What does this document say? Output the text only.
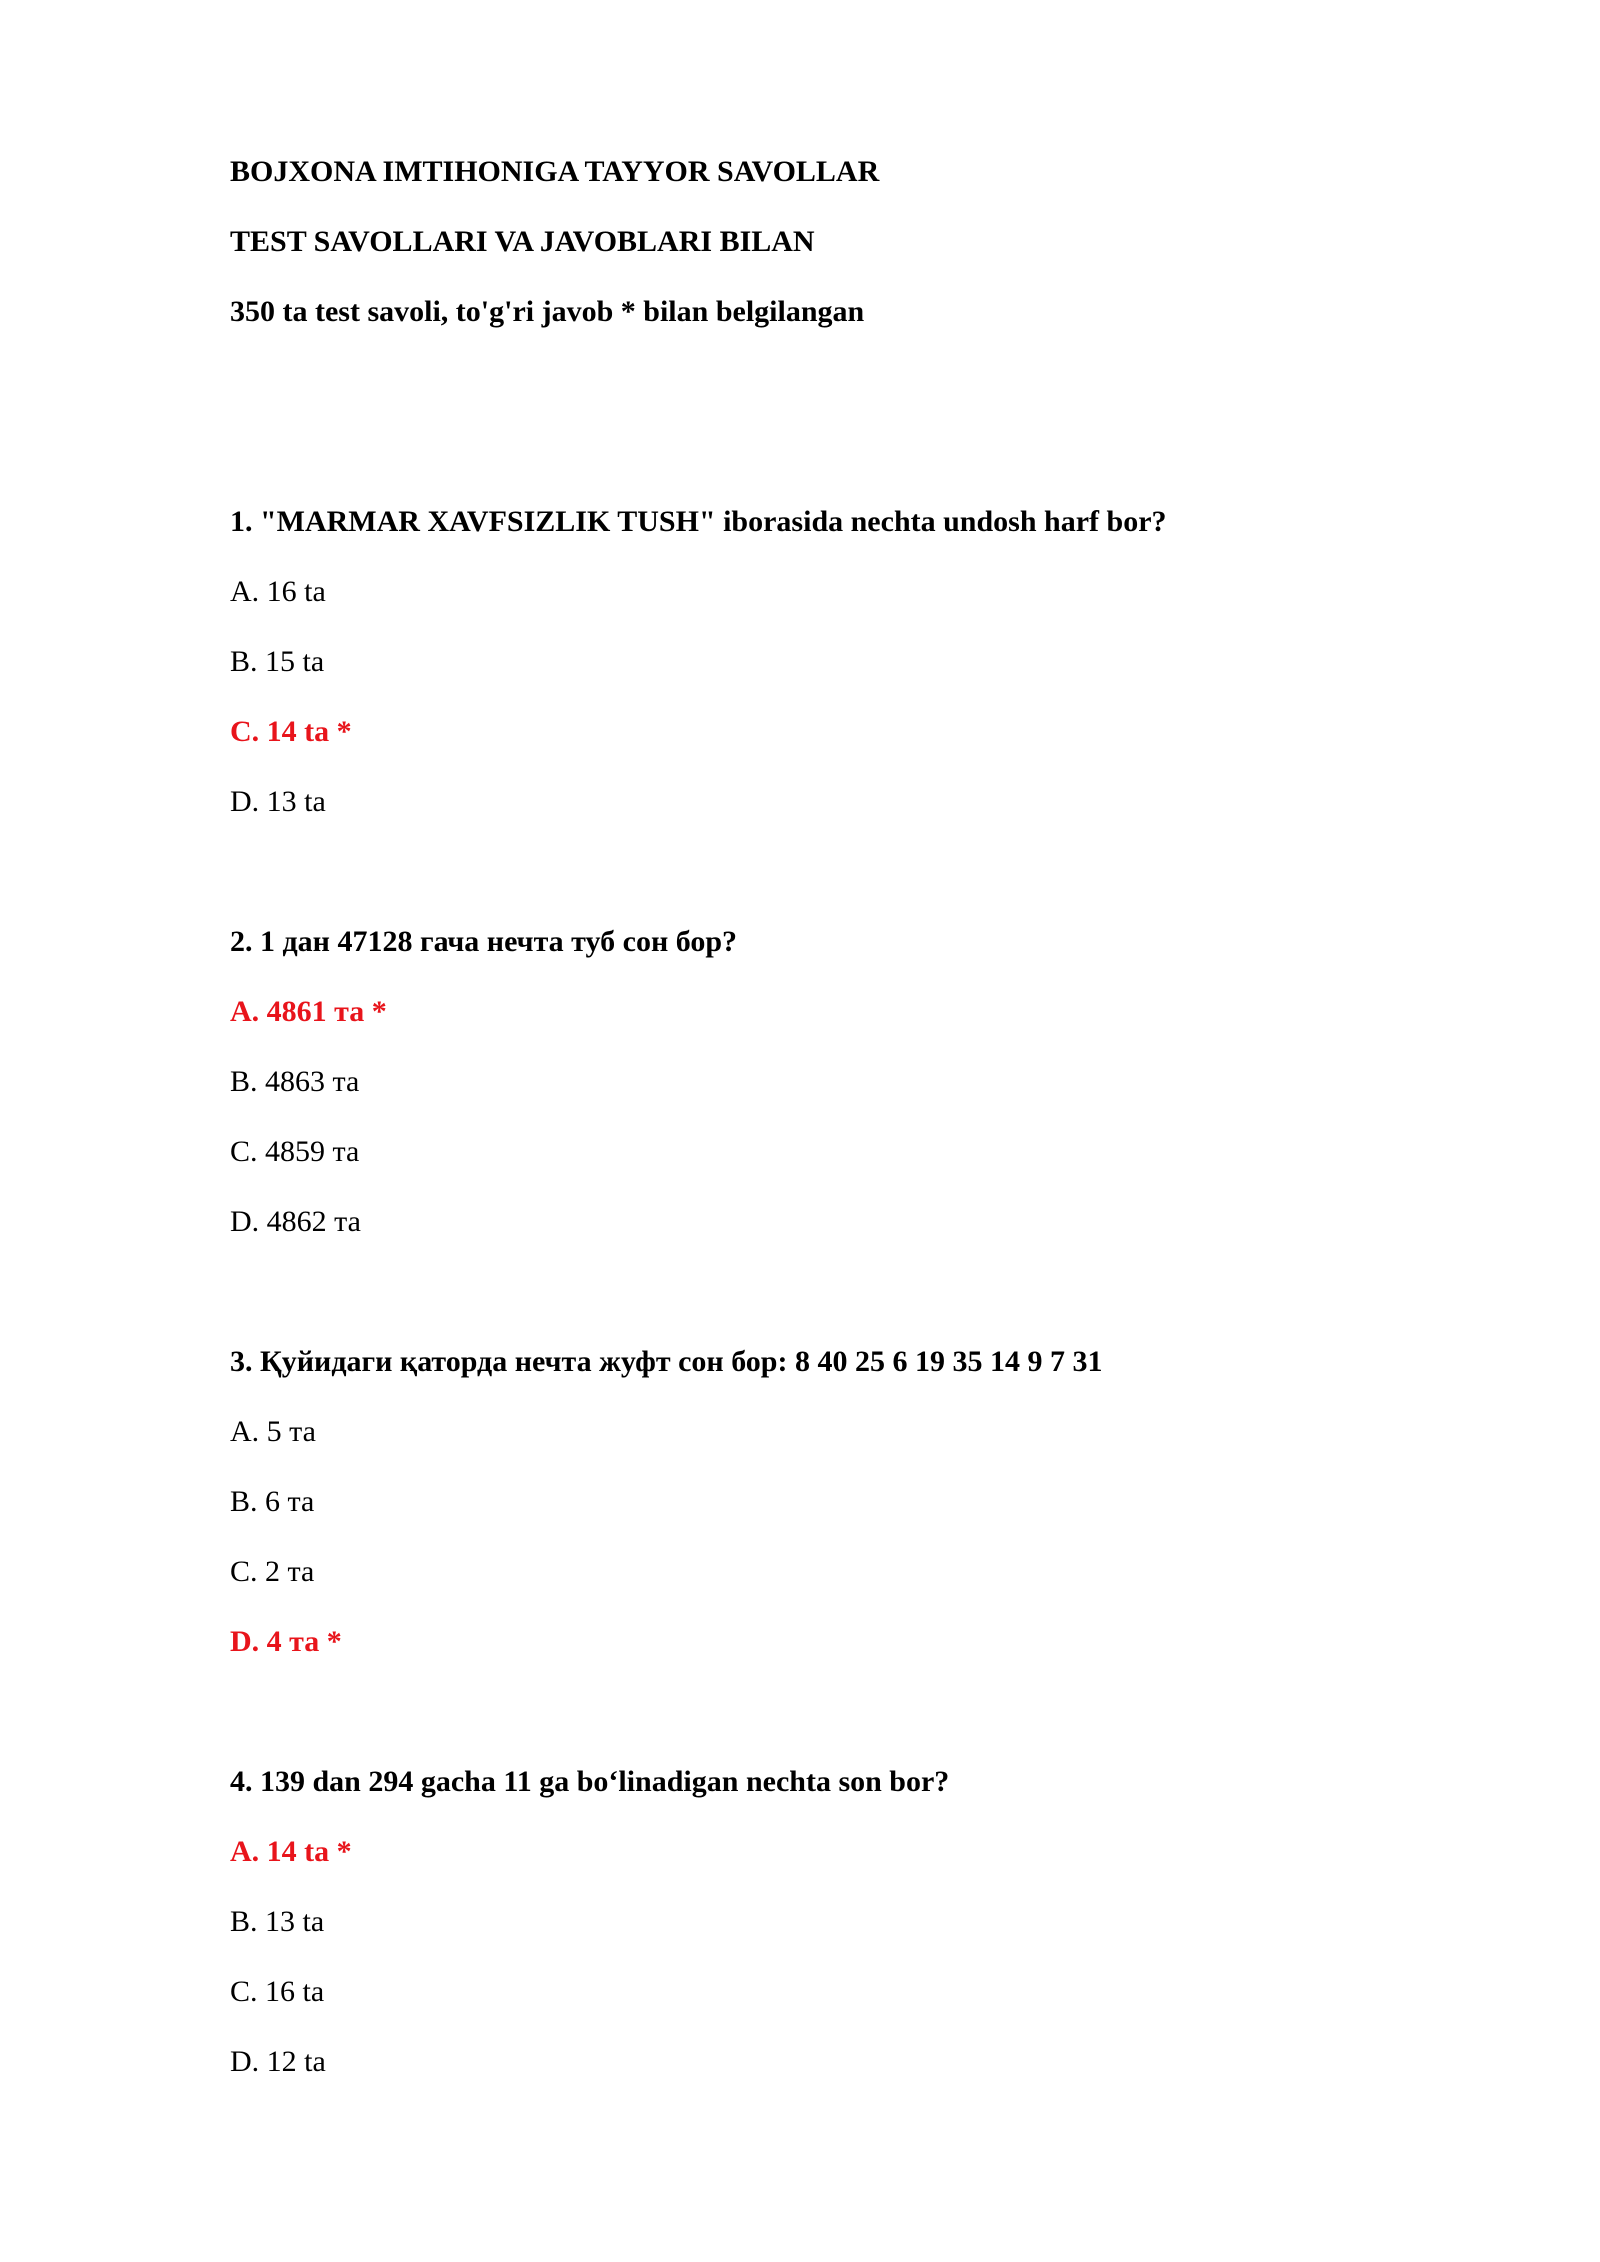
BOJXONA IMTIHONIGA TAYYOR SAVOLLAR
TEST SAVOLLARI VA JAVOBLARI BILAN
350 ta test savoli, to'g'ri javob * bilan belgilangan
1. "MARMAR XAVFSIZLIK TUSH" iborasida nechta undosh harf bor?
A. 16 ta
B. 15 ta
C. 14 ta *
D. 13 ta
2. 1 дан 47128 гача нечта туб сон бор?
A. 4861 та *
B. 4863 та
C. 4859 та
D. 4862 та
3. Қуйидаги қаторда нечта жуфт сон бор: 8 40 25 6 19 35 14 9 7 31
A. 5 та
B. 6 та
C. 2 та
D. 4 та *
4. 139 dan 294 gacha 11 ga bo‘linadigan nechta son bor?
A. 14 ta *
B. 13 ta
C. 16 ta
D. 12 ta
